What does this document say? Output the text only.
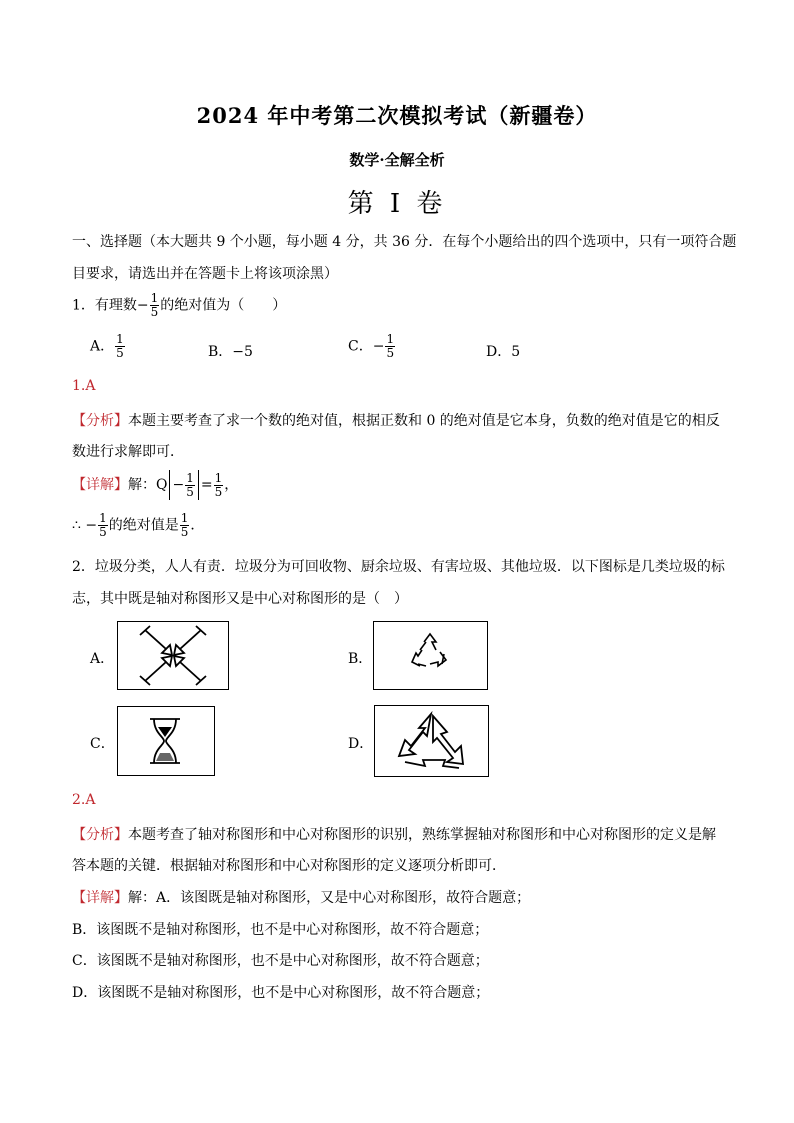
2024 年中考第二次模拟考试（新疆卷）
数学·全解全析
第 I 卷
一、选择题（本大题共 9 个小题，每小题 4 分，共 36 分．在每个小题给出的四个选项中，只有一项符合题
目要求，请选出并在答题卡上将该项涂黑）
1．有理数− $\frac{1}{5}$ 的绝对值为（　　）
A． $\frac{1}{5}$	B．−5	C．− $\frac{1}{5}$	D．5
1.A
【分析】本题主要考查了求一个数的绝对值，根据正数和 0 的绝对值是它本身，负数的绝对值是它的相反
数进行求解即可．
【详解】解：$Q - \frac{1}{5} = \frac{1}{5}$ ，
∴ − $\frac{1}{5}$ 的绝对值是 $\frac{1}{5}$ ．
2．垃圾分类，人人有责．垃圾分为可回收物、厨余垃圾、有害垃圾、其他垃圾．以下图标是几类垃圾的标
志，其中既是轴对称图形又是中心对称图形的是（　）
A．	B．
C．	D．
2.A
【分析】本题考查了轴对称图形和中心对称图形的识别，熟练掌握轴对称图形和中心对称图形的定义是解
答本题的关键．根据轴对称图形和中心对称图形的定义逐项分析即可．
【详解】解：A．该图既是轴对称图形，又是中心对称图形，故符合题意；
B．该图既不是轴对称图形，也不是中心对称图形，故不符合题意；
C．该图既不是轴对称图形，也不是中心对称图形，故不符合题意；
D．该图既不是轴对称图形，也不是中心对称图形，故不符合题意；
